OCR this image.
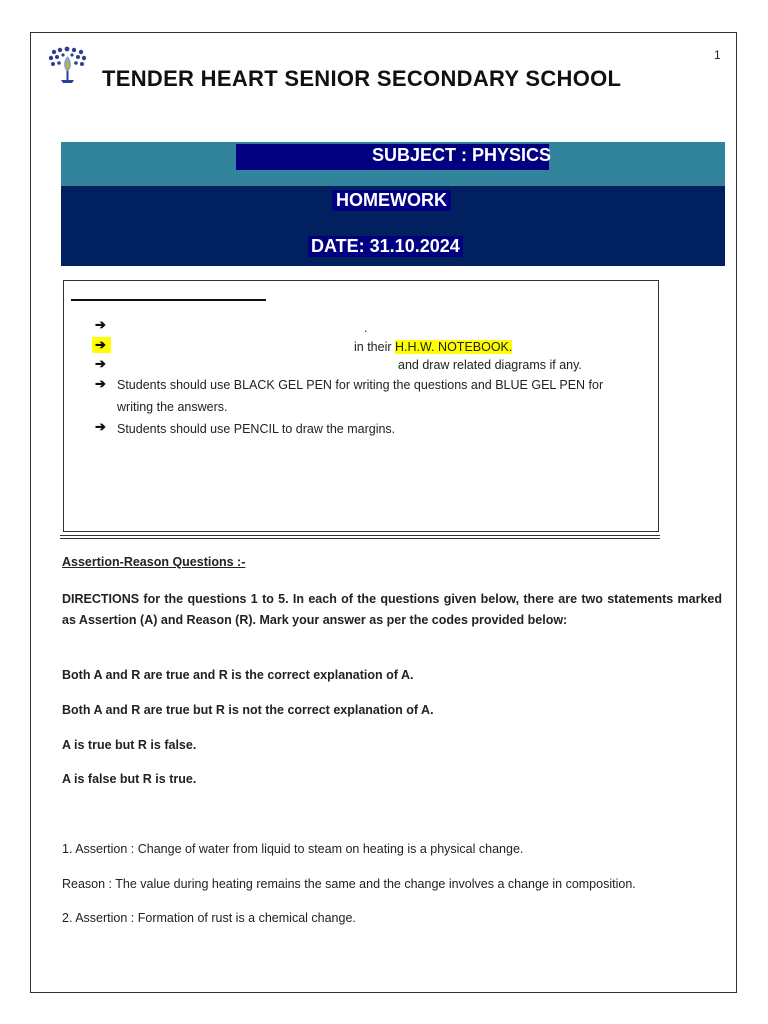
1
TENDER HEART SENIOR SECONDARY SCHOOL
SUBJECT : PHYSICS
HOMEWORK
DATE: 31.10.2024
➔	.
➔	in their H.H.W. NOTEBOOK.
➔	and draw related diagrams if any.
➔ Students should use BLACK GEL PEN for writing the questions and BLUE GEL PEN for
writing the answers.
➔ Students should use PENCIL to draw the margins.
Assertion-Reason Questions :-
DIRECTIONS for the questions 1 to 5. In each of the questions given below, there are two statements marked as Assertion (A) and Reason (R). Mark your answer as per the codes provided below:
Both A and R are true and R is the correct explanation of A.
Both A and R are true but R is not the correct explanation of A.
A is true but R is false.
A is false but R is true.
1. Assertion : Change of water from liquid to steam on heating is a physical change.
Reason : The value during heating remains the same and the change involves a change in composition.
2. Assertion : Formation of rust is a chemical change.
